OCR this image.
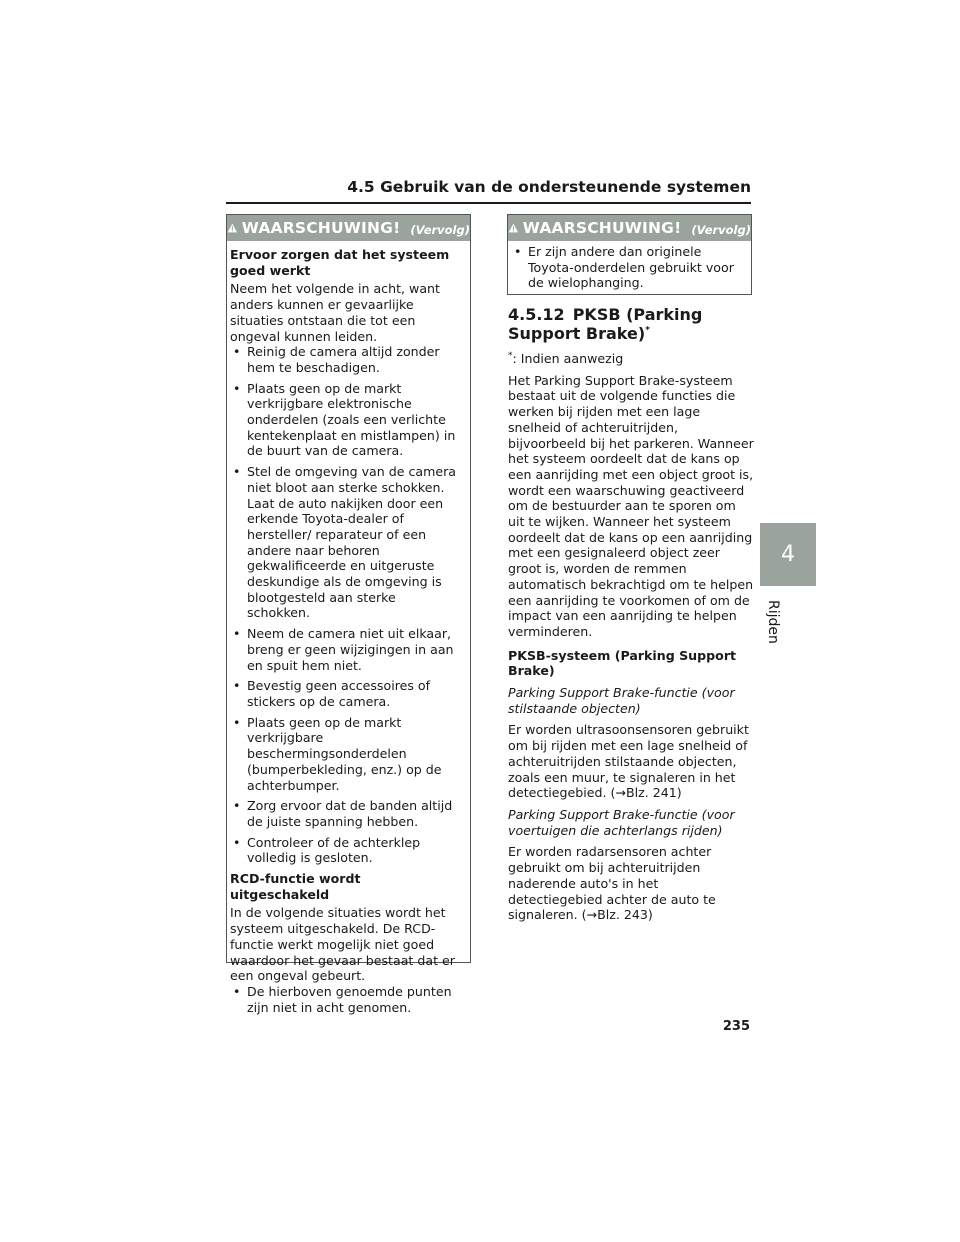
4.5 Gebruik van de ondersteunende systemen
4
Rijden
WAARSCHUWING! (Vervolg)

Ervoor zorgen dat het systeem goed werkt

Neem het volgende in acht, want anders kunnen er gevaarlijke situaties ontstaan die tot een ongeval kunnen leiden.

• Reinig de camera altijd zonder hem te beschadigen.
• Plaats geen op de markt verkrijgbare elektronische onderdelen (zoals een verlichte kentekenplaat en mistlampen) in de buurt van de camera.
• Stel de omgeving van de camera niet bloot aan sterke schokken. Laat de auto nakijken door een erkende Toyota-dealer of hersteller/ reparateur of een andere naar behoren gekwalificeerde en uitgeruste deskundige als de omgeving is blootgesteld aan sterke schokken.
• Neem de camera niet uit elkaar, breng er geen wijzigingen in aan en spuit hem niet.
• Bevestig geen accessoires of stickers op de camera.
• Plaats geen op de markt verkrijgbare beschermingsonderdelen (bumperbekleding, enz.) op de achterbumper.
• Zorg ervoor dat de banden altijd de juiste spanning hebben.
• Controleer of de achterklep volledig is gesloten.

RCD-functie wordt uitgeschakeld

In de volgende situaties wordt het systeem uitgeschakeld. De RCD-functie werkt mogelijk niet goed waardoor het gevaar bestaat dat er een ongeval gebeurt.

• De hierboven genoemde punten zijn niet in acht genomen.
WAARSCHUWING! (Vervolg)
• Er zijn andere dan originele Toyota-onderdelen gebruikt voor de wielophanging.
4.5.12 PKSB (Parking Support Brake)*

*: Indien aanwezig

Het Parking Support Brake-systeem bestaat uit de volgende functies die werken bij rijden met een lage snelheid of achteruitrijden, bijvoorbeeld bij het parkeren. Wanneer het systeem oordeelt dat de kans op een aanrijding met een object groot is, wordt een waarschuwing geactiveerd om de bestuurder aan te sporen om uit te wijken. Wanneer het systeem oordeelt dat de kans op een aanrijding met een gesignaleerd object zeer groot is, worden de remmen automatisch bekrachtigd om te helpen een aanrijding te voorkomen of om de impact van een aanrijding te helpen verminderen.

PKSB-systeem (Parking Support Brake)

Parking Support Brake-functie (voor stilstaande objecten)

Er worden ultrasoonsensoren gebruikt om bij rijden met een lage snelheid of achteruitrijden stilstaande objecten, zoals een muur, te signaleren in het detectiegebied. (→Blz. 241)

Parking Support Brake-functie (voor voertuigen die achterlangs rijden)

Er worden radarsensoren achter gebruikt om bij achteruitrijden naderende auto's in het detectiegebied achter de auto te signaleren. (→Blz. 243)

235
